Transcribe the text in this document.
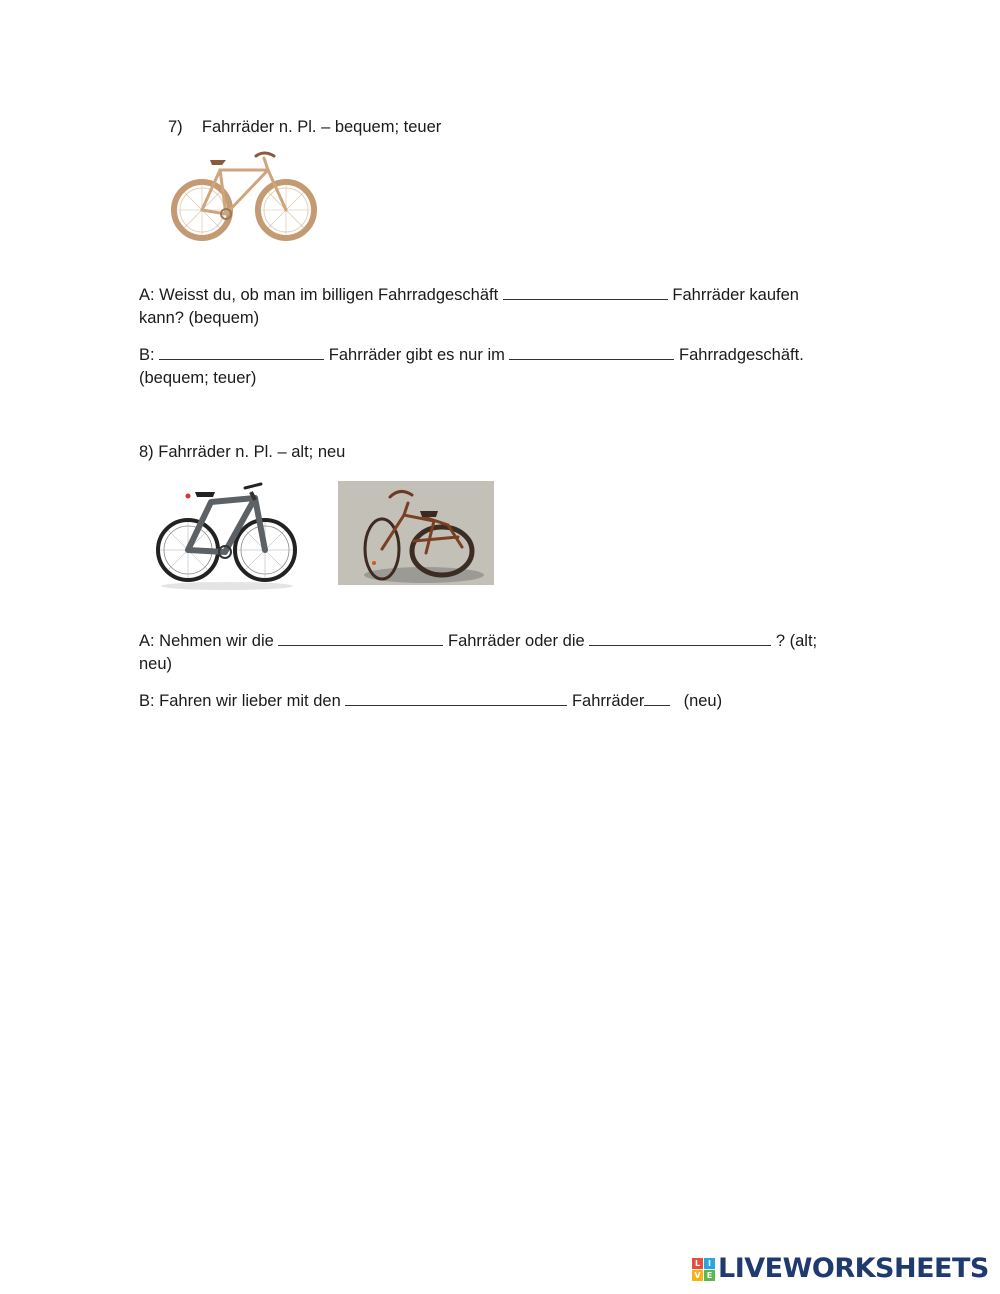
7) Fahrräder n. Pl. – bequem; teuer
A: Weisst du, ob man im billigen Fahrradgeschäft	Fahrräder kaufen
kann? (bequem)
B:	Fahrräder gibt es nur im	Fahrradgeschäft.
(bequem; teuer)
8) Fahrräder n. Pl. – alt; neu
A: Nehmen wir die	Fahrräder oder die	? (alt;
neu)
B: Fahren wir lieber mit den	Fahrräder (neu)
L I
V E LIVEWORKSHEETS
